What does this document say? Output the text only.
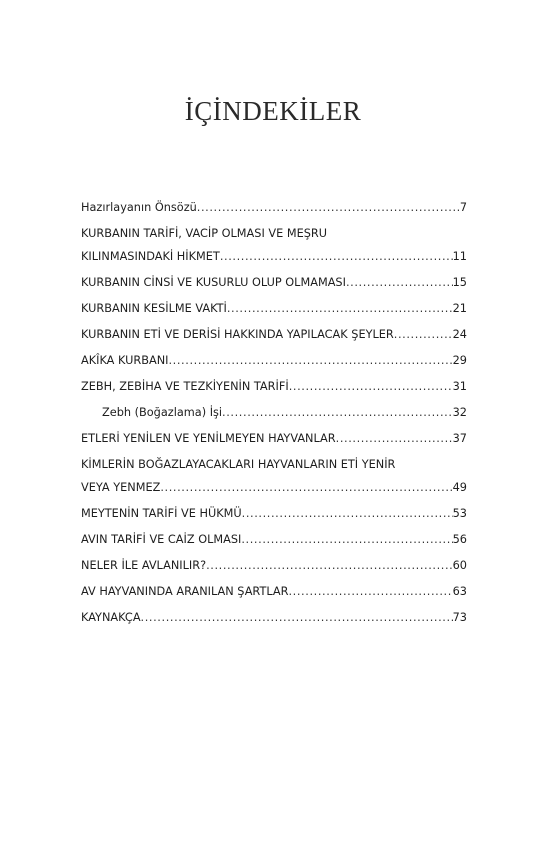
İÇİNDEKİLER
Hazırlayanın Önsözü .....	7
KURBANIN TARİFİ, VACİP OLMASI VE MEŞRU
KILINMASINDAKİ HİKMET .....	11
KURBANIN CİNSİ VE KUSURLU OLUP OLMAMASI .....	15
KURBANIN KESİLME VAKTİ .....	21
KURBANIN ETİ VE DERİSİ HAKKINDA YAPILACAK ŞEYLER .....	24
AKÎKA KURBANI .....	29
ZEBH, ZEBİHA VE TEZKİYENİN TARİFİ .....	31
Zebh (Boğazlama) İşi .....	32
ETLERİ YENİLEN VE YENİLMEYEN HAYVANLAR .....	37
KİMLERİN BOĞAZLAYACAKLARI HAYVANLARIN ETİ YENİR
VEYA YENMEZ .....	49
MEYTENİN TARİFİ VE HÜKMÜ .....	53
AVIN TARİFİ VE CAİZ OLMASI .....	56
NELER İLE AVLANILIR? .....	60
AV HAYVANINDA ARANILAN ŞARTLAR .....	63
KAYNAKÇA .....	73
